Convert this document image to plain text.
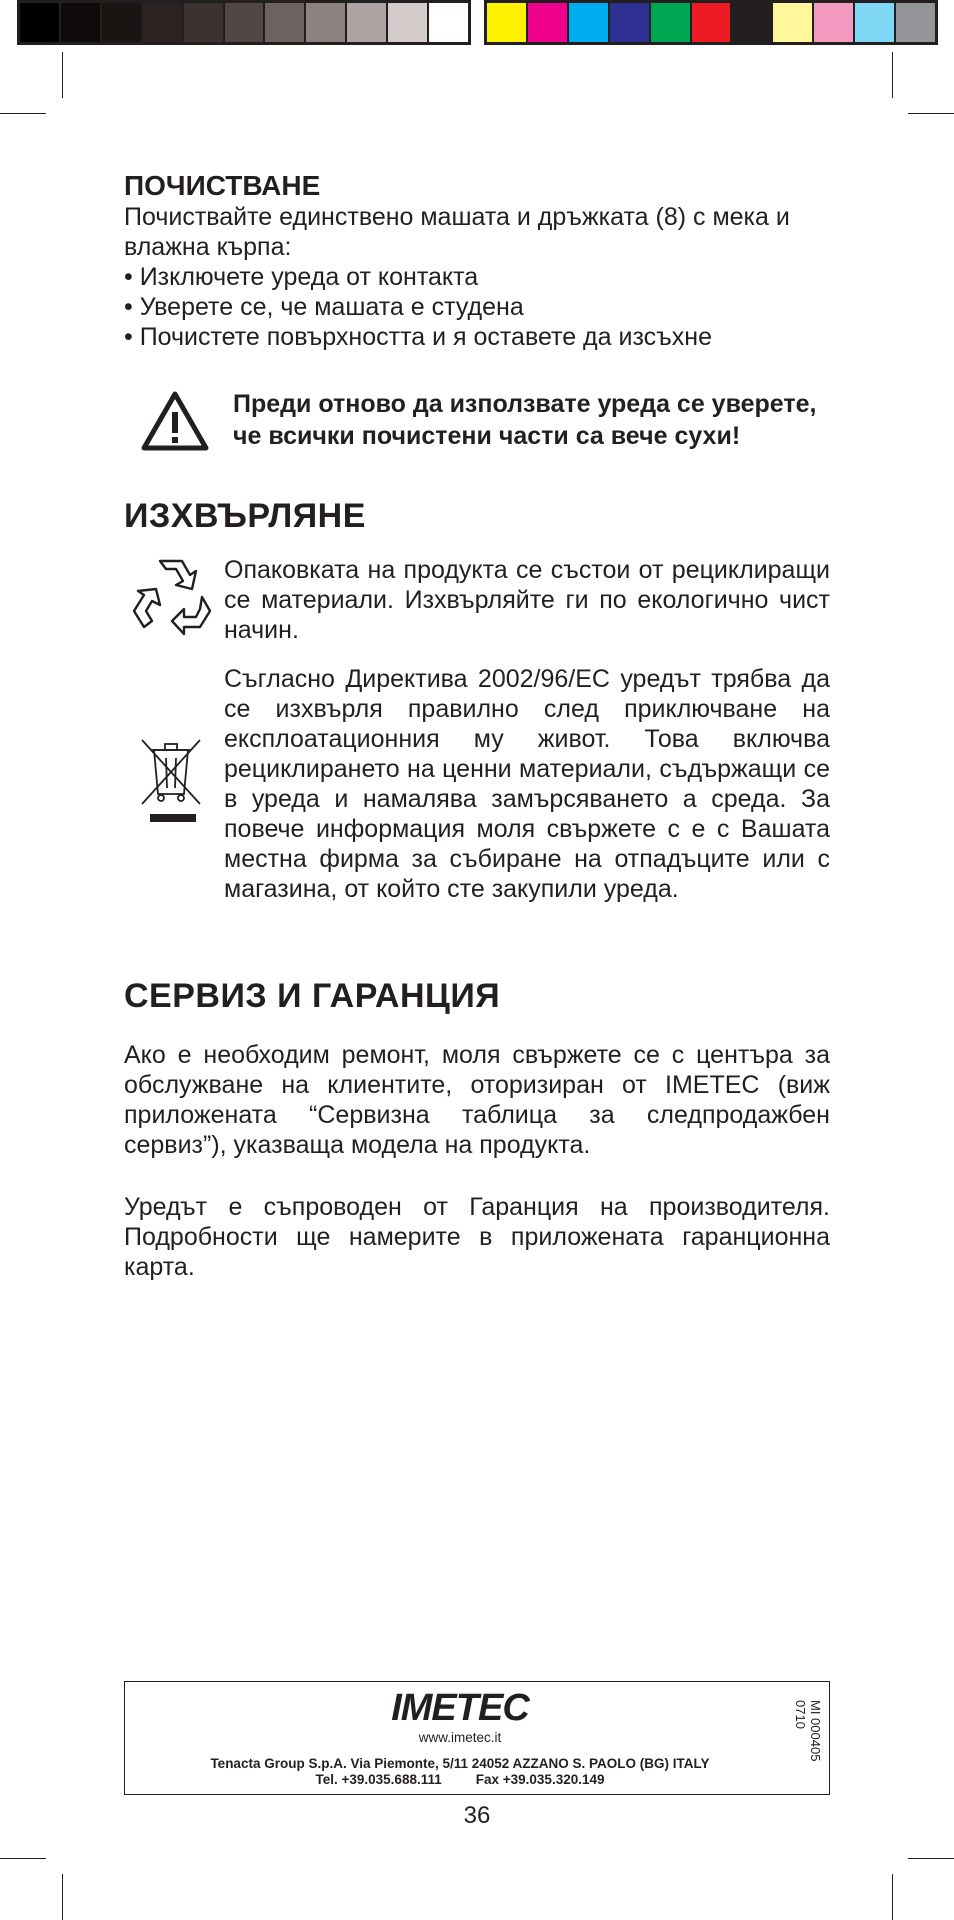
ПОЧИСТВАНЕ

Почиствайте единствено машата и дръжката (8) с мека и влажна кърпа:

• Изключете уреда от контакта
• Уверете се, че машата е студена
• Почистете повърхността и я оставете да изсъхне
Преди отново да използвате уреда се уверете, че всички почистени части са вече сухи!
ИЗХВЪРЛЯНЕ

Опаковката на продукта се състои от рециклиращи се материали. Изхвърляйте ги по екологично чист начин.

Съгласно Директива 2002/96/ЕС уредът трябва да се изхвърля правилно след приключване на експлоатационния му живот. Това включва рециклирането на ценни материали, съдържащи се в уреда и намалява замърсяването а среда. За повече информация моля свържете с е с Вашата местна фирма за събиране на отпадъците или с магазина, от който сте закупили уреда.

СЕРВИЗ И ГАРАНЦИЯ

Ако е необходим ремонт, моля свържете се с центъра за обслужване на клиентите, оторизиран от IMETEC (виж приложената “Сервизна таблица за следпродажбен сервиз”), указваща модела на продукта.

Уредът е съпроводен от Гаранция на производителя. Подробности ще намерите в приложената гаранционна карта.

IMETEC
www.imetec.it
Tenacta Group S.p.A. Via Piemonte, 5/11 24052 AZZANO S. PAOLO (BG) ITALY
Tel. +39.035.688.111	Fax +39.035.320.149
MI 000405
0710
36
